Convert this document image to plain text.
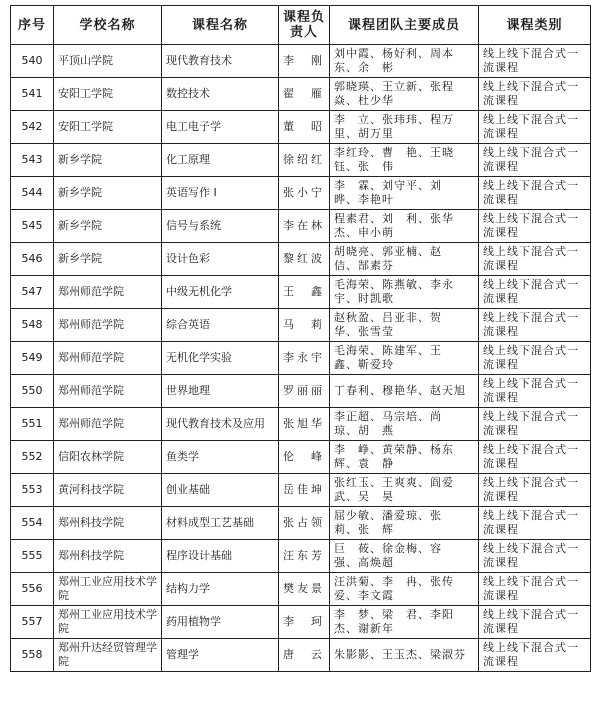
序号	学校名称	课程名称	课程负责人	课程团队主要成员	课程类别
540	平顶山学院	现代教育技术	李　刚	刘中霞、杨好利、周本东、余　彬	线上线下混合式一流课程
541	安阳工学院	数控技术	翟　雁	郭晓瑛、王立新、张程焱、杜少华	线上线下混合式一流课程
542	安阳工学院	电工电子学	董　昭	李　立、张玮玮、程万里、胡万里	线上线下混合式一流课程
543	新乡学院	化工原理	徐绍红	李红玲、曹　艳、王晓钰、张　伟	线上线下混合式一流课程
544	新乡学院	英语写作 I	张小宁	李　霖、刘守平、刘　晔、李艳叶	线上线下混合式一流课程
545	新乡学院	信号与系统	李在林	程素君、刘　利、张华杰、申小萌	线上线下混合式一流课程
546	新乡学院	设计色彩	黎红波	胡晓亮、郭亚楠、赵　佶、郜素芬	线上线下混合式一流课程
547	郑州师范学院	中级无机化学	王　鑫	毛海荣、陈燕敏、李永宇、时凯歌	线上线下混合式一流课程
548	郑州师范学院	综合英语	马　莉	赵秋盈、吕亚非、贺　华、张雪莹	线上线下混合式一流课程
549	郑州师范学院	无机化学实验	李永宇	毛海荣、陈建军、王　鑫、靳爱玲	线上线下混合式一流课程
550	郑州师范学院	世界地理	罗丽丽	丁春利、穆艳华、赵天旭	线上线下混合式一流课程
551	郑州师范学院	现代教育技术及应用	张旭华	李正超、马宗培、尚　琼、胡　燕	线上线下混合式一流课程
552	信阳农林学院	鱼类学	伦　峰	李　峥、黄荣静、杨东辉、袁　静	线上线下混合式一流课程
553	黄河科技学院	创业基础	岳佳坤	张红玉、王爽爽、阎爱武、吴　昊	线上线下混合式一流课程
554	郑州科技学院	材料成型工艺基础	张占领	屈少敏、潘爱琼、张　莉、张　辉	线上线下混合式一流课程
555	郑州科技学院	程序设计基础	汪东芳	巨　莜、徐金梅、容　强、高焕超	线上线下混合式一流课程
556	郑州工业应用技术学院	结构力学	樊友景	汪洪菊、李　冉、张传爱、李文霞	线上线下混合式一流课程
557	郑州工业应用技术学院	药用植物学	李　珂	李　梦、梁　君、李阳杰、谢新年	线上线下混合式一流课程
558	郑州升达经贸管理学院	管理学	唐　云	朱影影、王玉杰、梁淑芬	线上线下混合式一流课程
